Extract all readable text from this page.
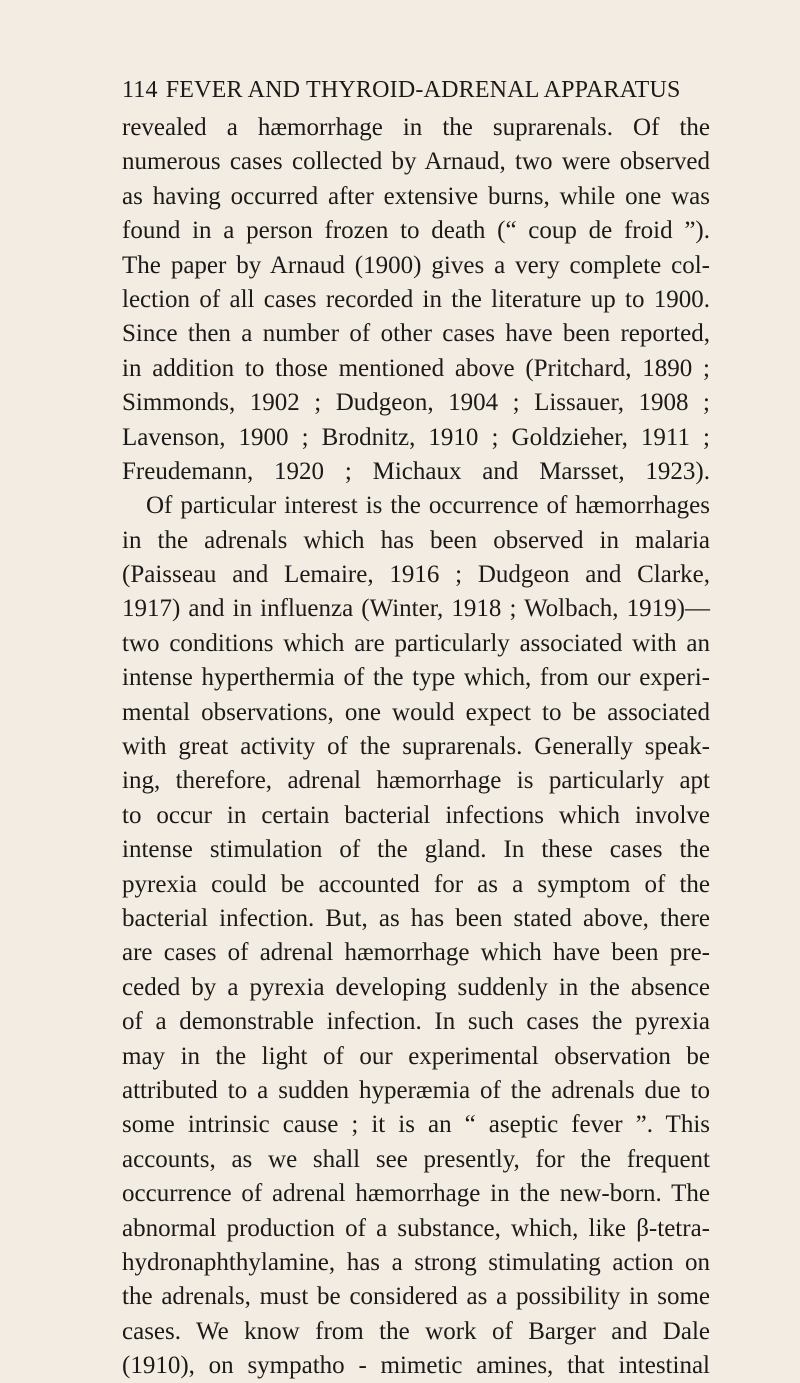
114 FEVER AND THYROID-ADRENAL APPARATUS
revealed a hæmorrhage in the suprarenals. Of the
numerous cases collected by Arnaud, two were observed
as having occurred after extensive burns, while one was
found in a person frozen to death (“ coup de froid ”).
The paper by Arnaud (1900) gives a very complete col-
lection of all cases recorded in the literature up to 1900.
Since then a number of other cases have been reported,
in addition to those mentioned above (Pritchard, 1890 ;
Simmonds, 1902 ; Dudgeon, 1904 ; Lissauer, 1908 ;
Lavenson, 1900 ; Brodnitz, 1910 ; Goldzieher, 1911 ;
Freudemann, 1920 ; Michaux and Marsset, 1923).
Of particular interest is the occurrence of hæmorrhages
in the adrenals which has been observed in malaria
(Paisseau and Lemaire, 1916 ; Dudgeon and Clarke,
1917) and in influenza (Winter, 1918 ; Wolbach, 1919)—
two conditions which are particularly associated with an
intense hyperthermia of the type which, from our experi-
mental observations, one would expect to be associated
with great activity of the suprarenals. Generally speak-
ing, therefore, adrenal hæmorrhage is particularly apt
to occur in certain bacterial infections which involve
intense stimulation of the gland. In these cases the
pyrexia could be accounted for as a symptom of the
bacterial infection. But, as has been stated above, there
are cases of adrenal hæmorrhage which have been pre-
ceded by a pyrexia developing suddenly in the absence
of a demonstrable infection. In such cases the pyrexia
may in the light of our experimental observation be
attributed to a sudden hyperæmia of the adrenals due to
some intrinsic cause ; it is an “ aseptic fever ”. This
accounts, as we shall see presently, for the frequent
occurrence of adrenal hæmorrhage in the new-born. The
abnormal production of a substance, which, like β-tetra-
hydronaphthylamine, has a strong stimulating action on
the adrenals, must be considered as a possibility in some
cases. We know from the work of Barger and Dale
(1910), on sympatho - mimetic amines, that intestinal
